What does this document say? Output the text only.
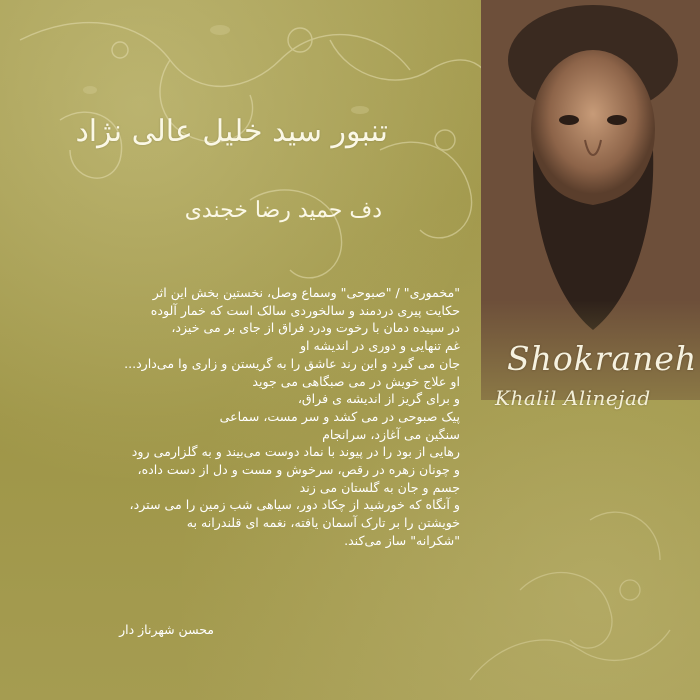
تنبور سید خلیل عالی نژاد
دف حمید رضا خجندی
"مخموری" / "صبوحی" وسماع وصل، نخستین بخش این اثر
حکایت پیری دردمند و سالخوردی سالک است که خمار آلوده
در سپیده دمان با رخوت ودرد فراق از جای بر می خیزد،
غم تنهایی و دوری در اندیشه او
جان می گیرد و این رند عاشق را به گریستن و زاری وا می‌دارد...
او علاج خویش در می صبگاهی می جوید
و برای گریز از اندیشه ی فراق،
پیک صبوحی در می کشد و سر مست، سماعی
سنگین می آغازد، سرانجام
رهایی از بود را در پیوند با نماد دوست می‌بیند و به گلزارمی رود
و چونان زهره در رقص، سرخوش و مست و دل از دست داده،
جسم و جان به گلستان می زند
و آنگاه که خورشید از چکاد دور، سیاهی شب زمین را می سترد،
خویشتن را بر تارک آسمان یافته، نغمه ای قلندرانه به
"شکرانه" ساز می‌کند.
محسن شهرناز دار
Shokraneh
Khalil Alinejad
